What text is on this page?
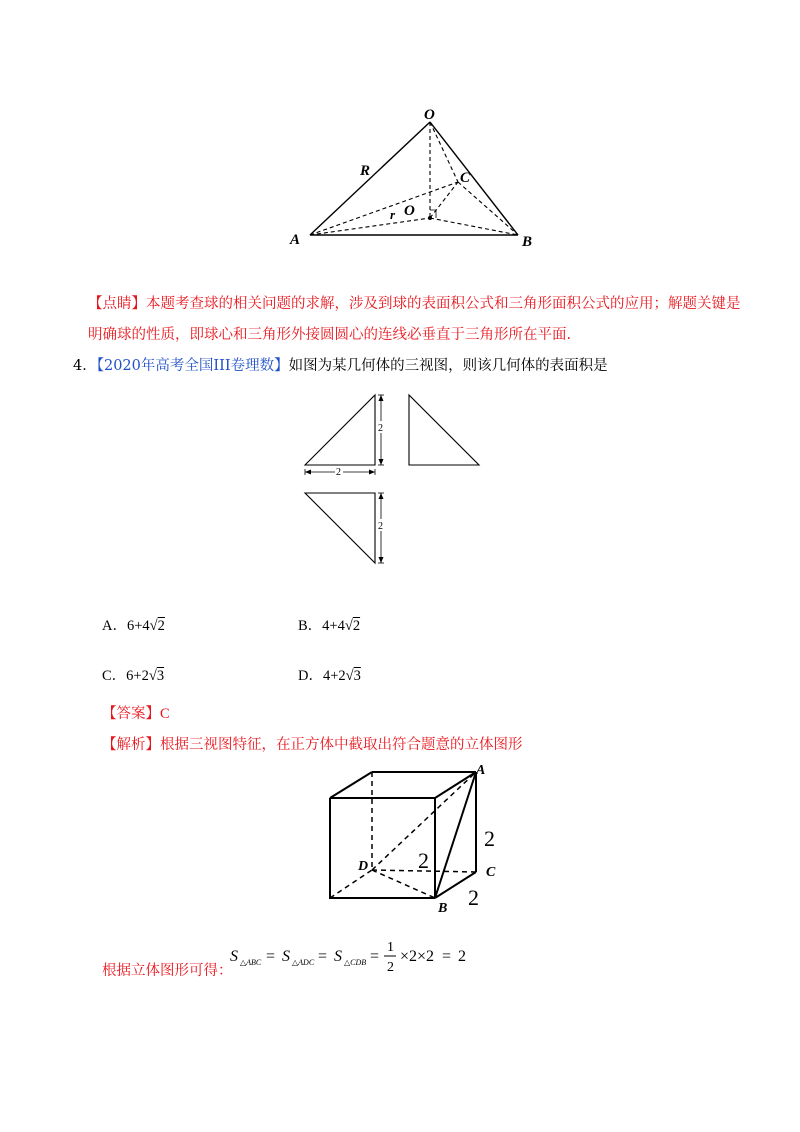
O
R	C
O
r
A	B
【点睛】本题考查球的相关问题的求解，涉及到球的表面积公式和三角形面积公式的应用；解题关键是
明确球的性质，即球心和三角形外接圆圆心的连线必垂直于三角形所在平面.
4．【2020年高考全国III卷理数】如图为某几何体的三视图，则该几何体的表面积是
2
2
2
A．6+4√2	B．4+4√2
C．6+2√3	D．4+2√3
【答案】C
【解析】根据三视图特征，在正方体中截取出符合题意的立体图形
A
D	C
B
2
2
2
根据立体图形可得：
S △ABC = S △ADC = S △CDB =
1
2
×2×2 = 2
